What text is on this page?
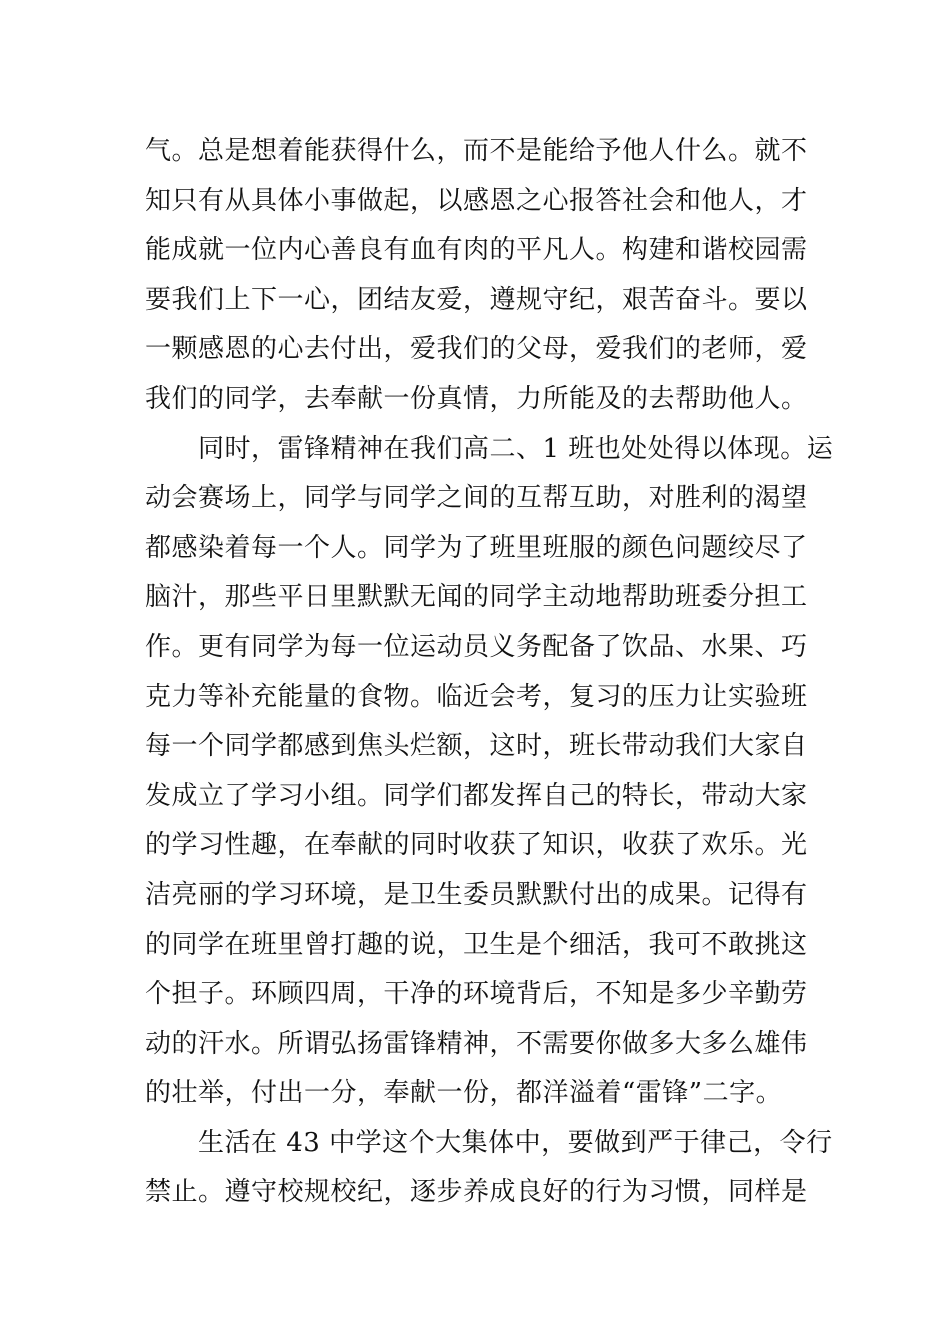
气。总是想着能获得什么，而不是能给予他人什么。就不
知只有从具体小事做起，以感恩之心报答社会和他人，才
能成就一位内心善良有血有肉的平凡人。构建和谐校园需
要我们上下一心，团结友爱，遵规守纪，艰苦奋斗。要以
一颗感恩的心去付出，爱我们的父母，爱我们的老师，爱
我们的同学，去奉献一份真情，力所能及的去帮助他人。
同时，雷锋精神在我们高二、1 班也处处得以体现。运
动会赛场上，同学与同学之间的互帮互助，对胜利的渴望
都感染着每一个人。同学为了班里班服的颜色问题绞尽了
脑汁，那些平日里默默无闻的同学主动地帮助班委分担工
作。更有同学为每一位运动员义务配备了饮品、水果、巧
克力等补充能量的食物。临近会考，复习的压力让实验班
每一个同学都感到焦头烂额，这时，班长带动我们大家自
发成立了学习小组。同学们都发挥自己的特长，带动大家
的学习性趣，在奉献的同时收获了知识，收获了欢乐。光
洁亮丽的学习环境，是卫生委员默默付出的成果。记得有
的同学在班里曾打趣的说，卫生是个细活，我可不敢挑这
个担子。环顾四周，干净的环境背后，不知是多少辛勤劳
动的汗水。所谓弘扬雷锋精神，不需要你做多大多么雄伟
的壮举，付出一分，奉献一份，都洋溢着“雷锋”二字。
生活在 43 中学这个大集体中，要做到严于律己，令行
禁止。遵守校规校纪，逐步养成良好的行为习惯，同样是
